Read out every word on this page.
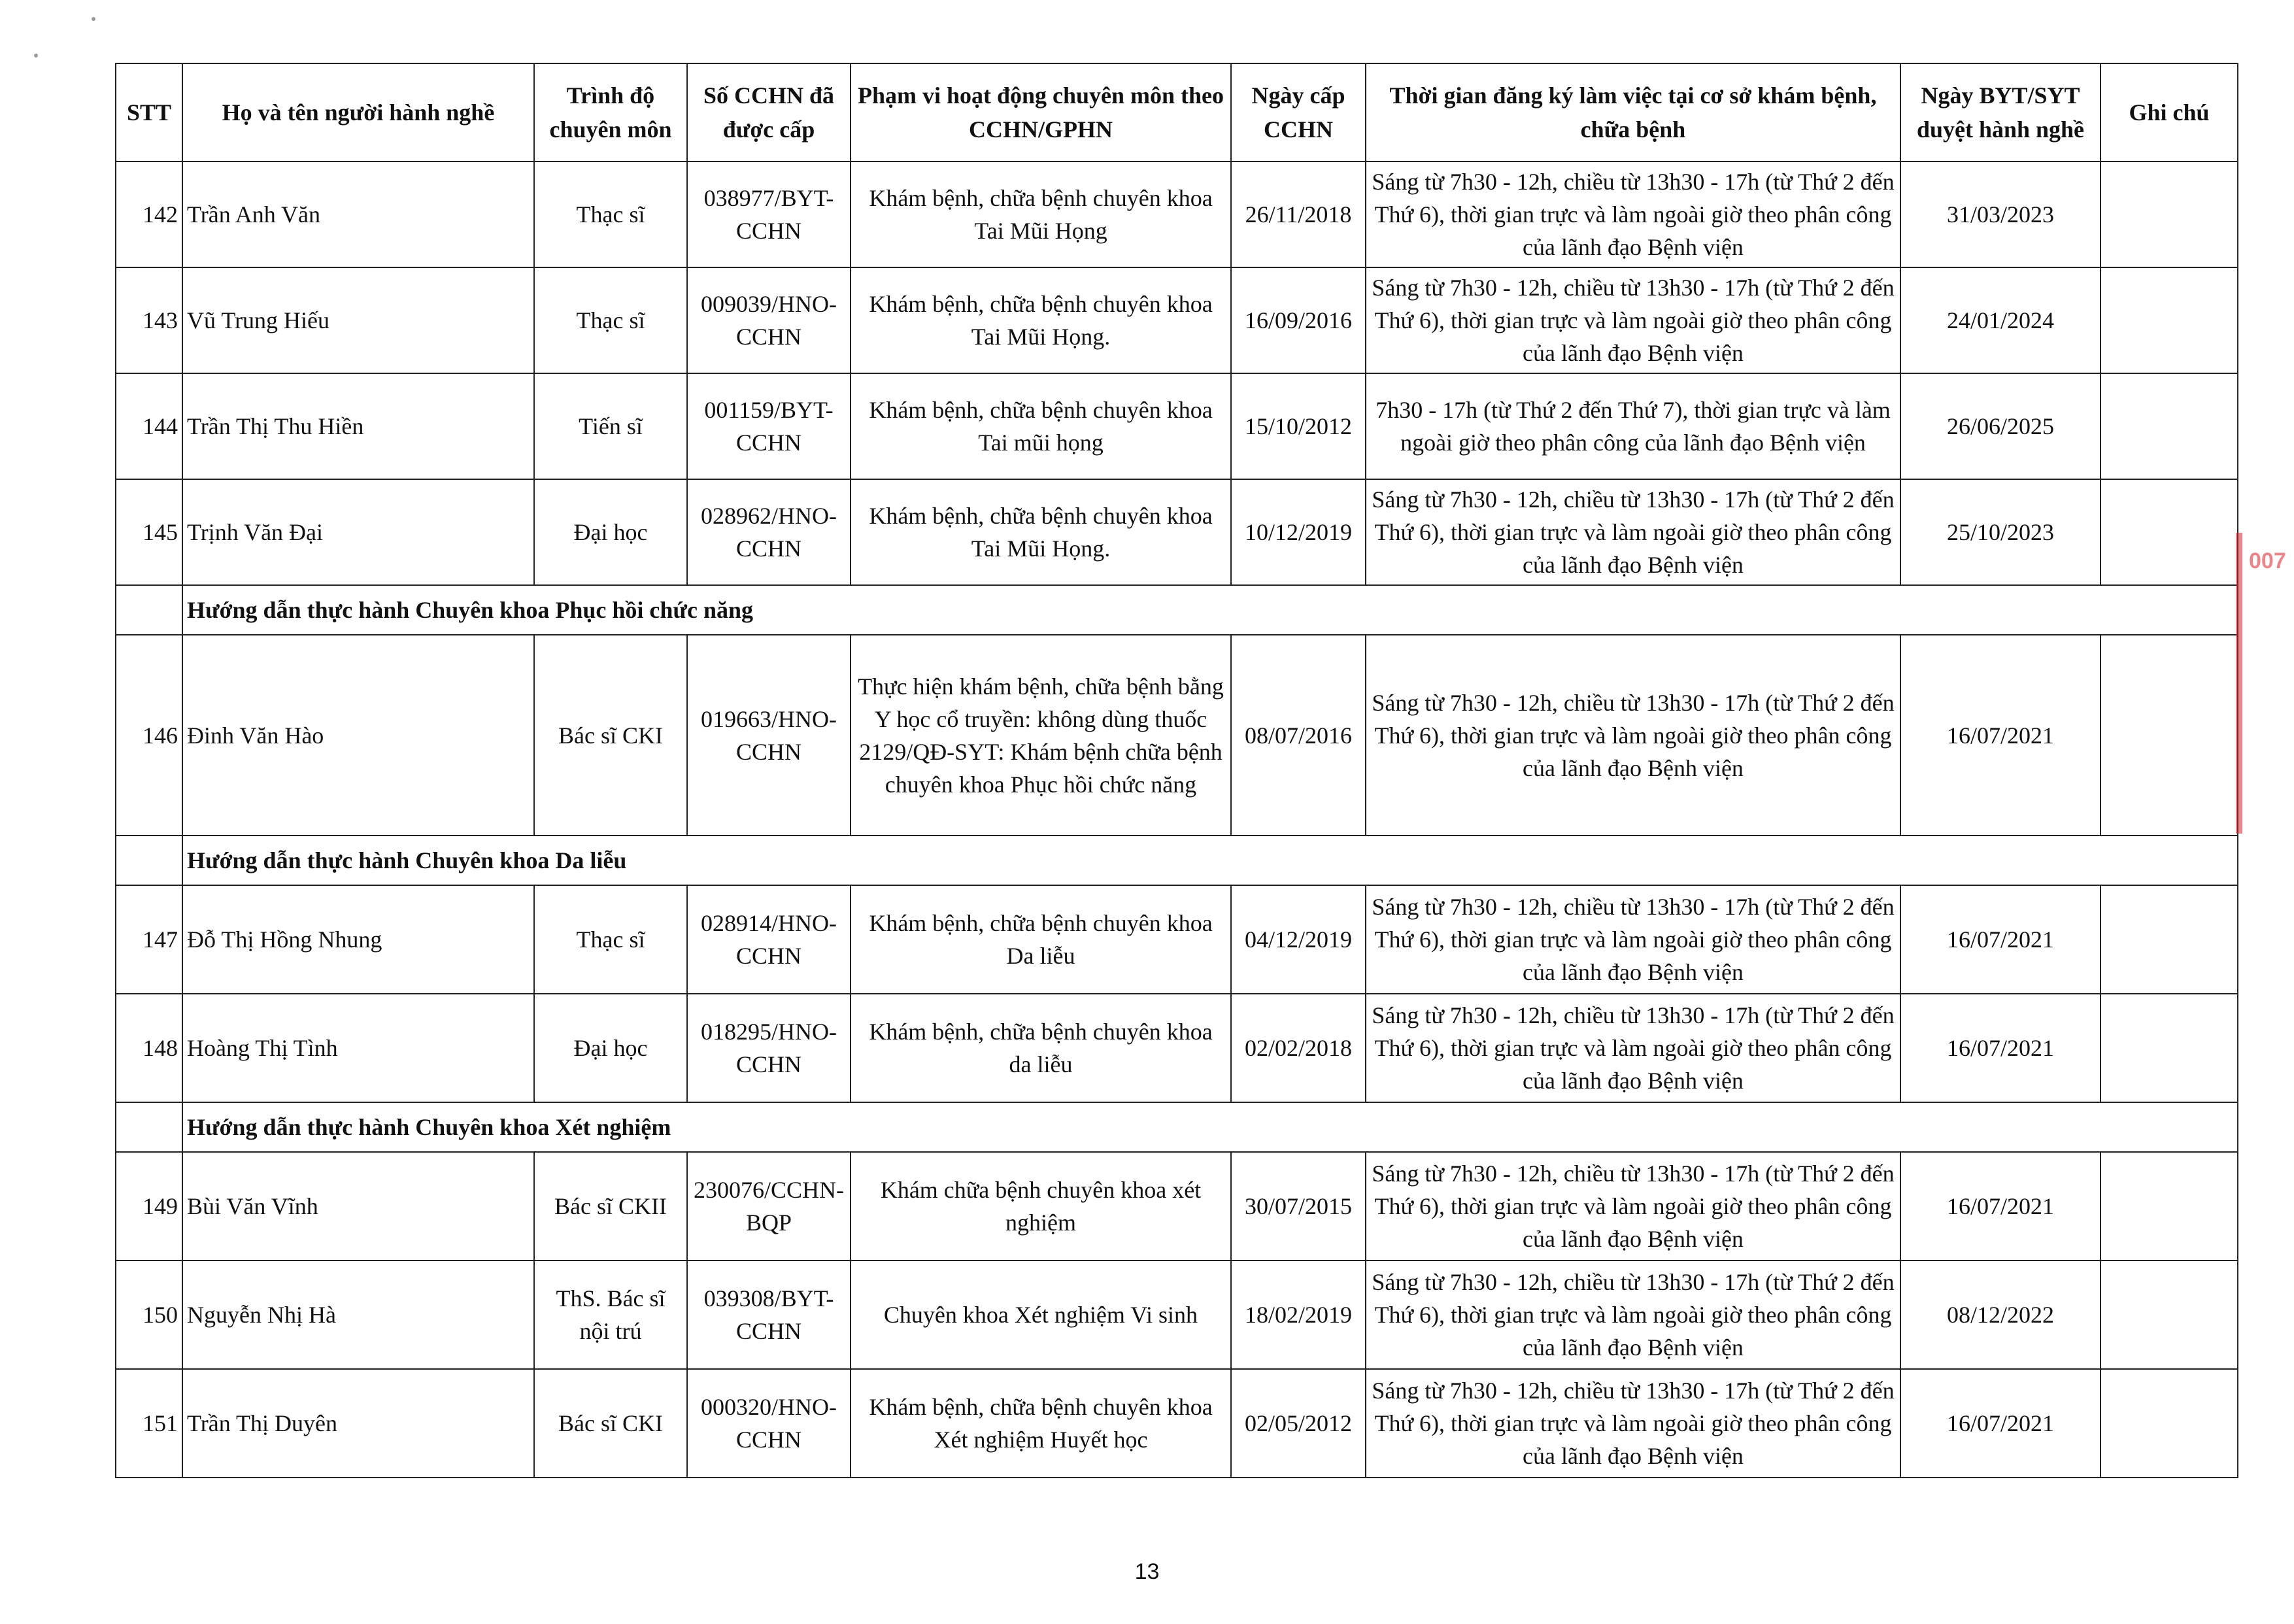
STT	Họ và tên người hành nghề	Trình độ chuyên môn	Số CCHN đã được cấp	Phạm vi hoạt động chuyên môn theo CCHN/GPHN	Ngày cấp CCHN	Thời gian đăng ký làm việc tại cơ sở khám bệnh, chữa bệnh	Ngày BYT/SYT duyệt hành nghề	Ghi chú
142	Trần Anh Văn	Thạc sĩ	038977/BYT-CCHN	Khám bệnh, chữa bệnh chuyên khoa Tai Mũi Họng	26/11/2018	Sáng từ 7h30 - 12h, chiều từ 13h30 - 17h (từ Thứ 2 đến Thứ 6), thời gian trực và làm ngoài giờ theo phân công của lãnh đạo Bệnh viện	31/03/2023	
143	Vũ Trung Hiếu	Thạc sĩ	009039/HNO-CCHN	Khám bệnh, chữa bệnh chuyên khoa Tai Mũi Họng.	16/09/2016	Sáng từ 7h30 - 12h, chiều từ 13h30 - 17h (từ Thứ 2 đến Thứ 6), thời gian trực và làm ngoài giờ theo phân công của lãnh đạo Bệnh viện	24/01/2024	
144	Trần Thị Thu Hiền	Tiến sĩ	001159/BYT-CCHN	Khám bệnh, chữa bệnh chuyên khoa Tai mũi họng	15/10/2012	7h30 - 17h (từ Thứ 2 đến Thứ 7), thời gian trực và làm ngoài giờ theo phân công của lãnh đạo Bệnh viện	26/06/2025	
145	Trịnh Văn Đại	Đại học	028962/HNO-CCHN	Khám bệnh, chữa bệnh chuyên khoa Tai Mũi Họng.	10/12/2019	Sáng từ 7h30 - 12h, chiều từ 13h30 - 17h (từ Thứ 2 đến Thứ 6), thời gian trực và làm ngoài giờ theo phân công của lãnh đạo Bệnh viện	25/10/2023	
	Hướng dẫn thực hành Chuyên khoa Phục hồi chức năng							
146	Đinh Văn Hào	Bác sĩ CKI	019663/HNO-CCHN	Thực hiện khám bệnh, chữa bệnh bằng Y học cổ truyền: không dùng thuốc 2129/QĐ-SYT: Khám bệnh chữa bệnh chuyên khoa Phục hồi chức năng	08/07/2016	Sáng từ 7h30 - 12h, chiều từ 13h30 - 17h (từ Thứ 2 đến Thứ 6), thời gian trực và làm ngoài giờ theo phân công của lãnh đạo Bệnh viện	16/07/2021	
	Hướng dẫn thực hành Chuyên khoa Da liễu							
147	Đỗ Thị Hồng Nhung	Thạc sĩ	028914/HNO-CCHN	Khám bệnh, chữa bệnh chuyên khoa Da liễu	04/12/2019	Sáng từ 7h30 - 12h, chiều từ 13h30 - 17h (từ Thứ 2 đến Thứ 6), thời gian trực và làm ngoài giờ theo phân công của lãnh đạo Bệnh viện	16/07/2021	
148	Hoàng Thị Tình	Đại học	018295/HNO-CCHN	Khám bệnh, chữa bệnh chuyên khoa da liễu	02/02/2018	Sáng từ 7h30 - 12h, chiều từ 13h30 - 17h (từ Thứ 2 đến Thứ 6), thời gian trực và làm ngoài giờ theo phân công của lãnh đạo Bệnh viện	16/07/2021	
	Hướng dẫn thực hành Chuyên khoa Xét nghiệm							
149	Bùi Văn Vĩnh	Bác sĩ CKII	230076/CCHN-BQP	Khám chữa bệnh chuyên khoa xét nghiệm	30/07/2015	Sáng từ 7h30 - 12h, chiều từ 13h30 - 17h (từ Thứ 2 đến Thứ 6), thời gian trực và làm ngoài giờ theo phân công của lãnh đạo Bệnh viện	16/07/2021	
150	Nguyễn Nhị Hà	ThS. Bác sĩ nội trú	039308/BYT-CCHN	Chuyên khoa Xét nghiệm Vi sinh	18/02/2019	Sáng từ 7h30 - 12h, chiều từ 13h30 - 17h (từ Thứ 2 đến Thứ 6), thời gian trực và làm ngoài giờ theo phân công của lãnh đạo Bệnh viện	08/12/2022	
151	Trần Thị Duyên	Bác sĩ CKI	000320/HNO-CCHN	Khám bệnh, chữa bệnh chuyên khoa Xét nghiệm Huyết học	02/05/2012	Sáng từ 7h30 - 12h, chiều từ 13h30 - 17h (từ Thứ 2 đến Thứ 6), thời gian trực và làm ngoài giờ theo phân công của lãnh đạo Bệnh viện	16/07/2021	
007
13
